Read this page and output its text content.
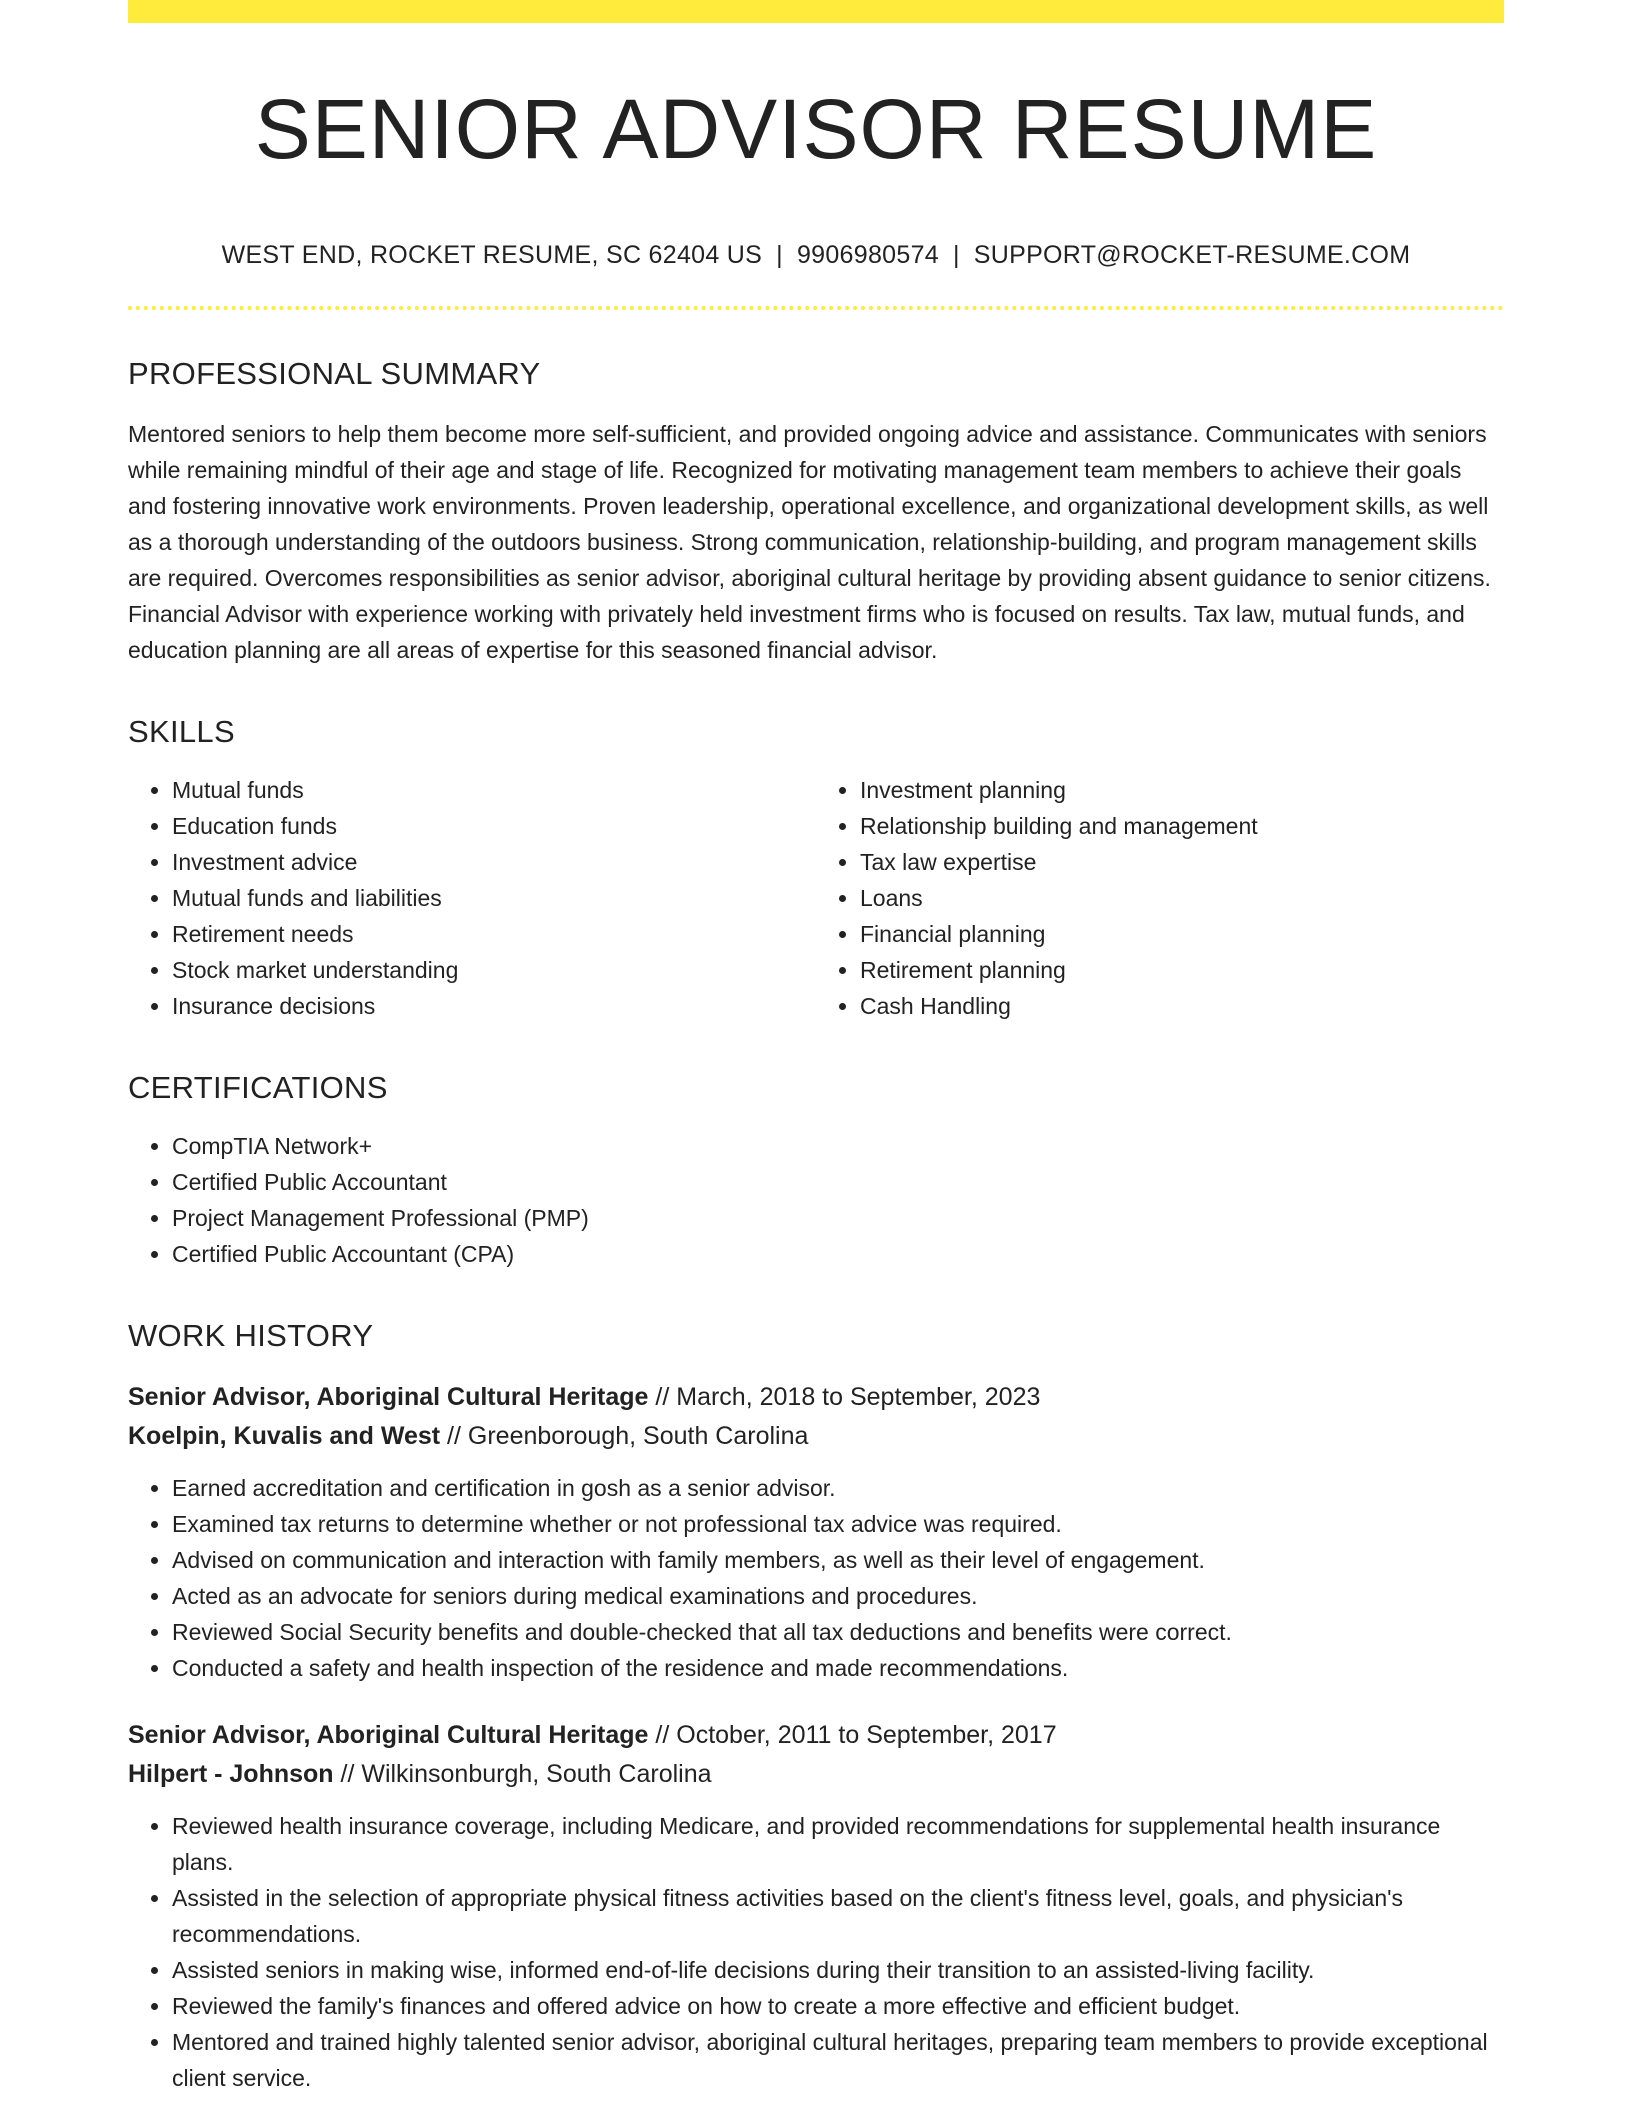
SENIOR ADVISOR RESUME
WEST END, ROCKET RESUME, SC 62404 US | 9906980574 | SUPPORT@ROCKET-RESUME.COM
PROFESSIONAL SUMMARY

Mentored seniors to help them become more self-sufficient, and provided ongoing advice and assistance. Communicates with seniors while remaining mindful of their age and stage of life. Recognized for motivating management team members to achieve their goals and fostering innovative work environments. Proven leadership, operational excellence, and organizational development skills, as well as a thorough understanding of the outdoors business. Strong communication, relationship-building, and program management skills are required. Overcomes responsibilities as senior advisor, aboriginal cultural heritage by providing absent guidance to senior citizens. Financial Advisor with experience working with privately held investment firms who is focused on results. Tax law, mutual funds, and education planning are all areas of expertise for this seasoned financial advisor.

SKILLS
• Mutual funds
• Education funds
• Investment advice
• Mutual funds and liabilities
• Retirement needs
• Stock market understanding
• Insurance decisions
• Investment planning
• Relationship building and management
• Tax law expertise
• Loans
• Financial planning
• Retirement planning
• Cash Handling
CERTIFICATIONS
• CompTIA Network+
• Certified Public Accountant
• Project Management Professional (PMP)
• Certified Public Accountant (CPA)
WORK HISTORY
Senior Advisor, Aboriginal Cultural Heritage // March, 2018 to September, 2023
Koelpin, Kuvalis and West // Greenborough, South Carolina
• Earned accreditation and certification in gosh as a senior advisor.
• Examined tax returns to determine whether or not professional tax advice was required.
• Advised on communication and interaction with family members, as well as their level of engagement.
• Acted as an advocate for seniors during medical examinations and procedures.
• Reviewed Social Security benefits and double-checked that all tax deductions and benefits were correct.
• Conducted a safety and health inspection of the residence and made recommendations.
Senior Advisor, Aboriginal Cultural Heritage // October, 2011 to September, 2017
Hilpert - Johnson // Wilkinsonburgh, South Carolina
• Reviewed health insurance coverage, including Medicare, and provided recommendations for supplemental health insurance plans.
• Assisted in the selection of appropriate physical fitness activities based on the client's fitness level, goals, and physician's recommendations.
• Assisted seniors in making wise, informed end-of-life decisions during their transition to an assisted-living facility.
• Reviewed the family's finances and offered advice on how to create a more effective and efficient budget.
• Mentored and trained highly talented senior advisor, aboriginal cultural heritages, preparing team members to provide exceptional client service.
